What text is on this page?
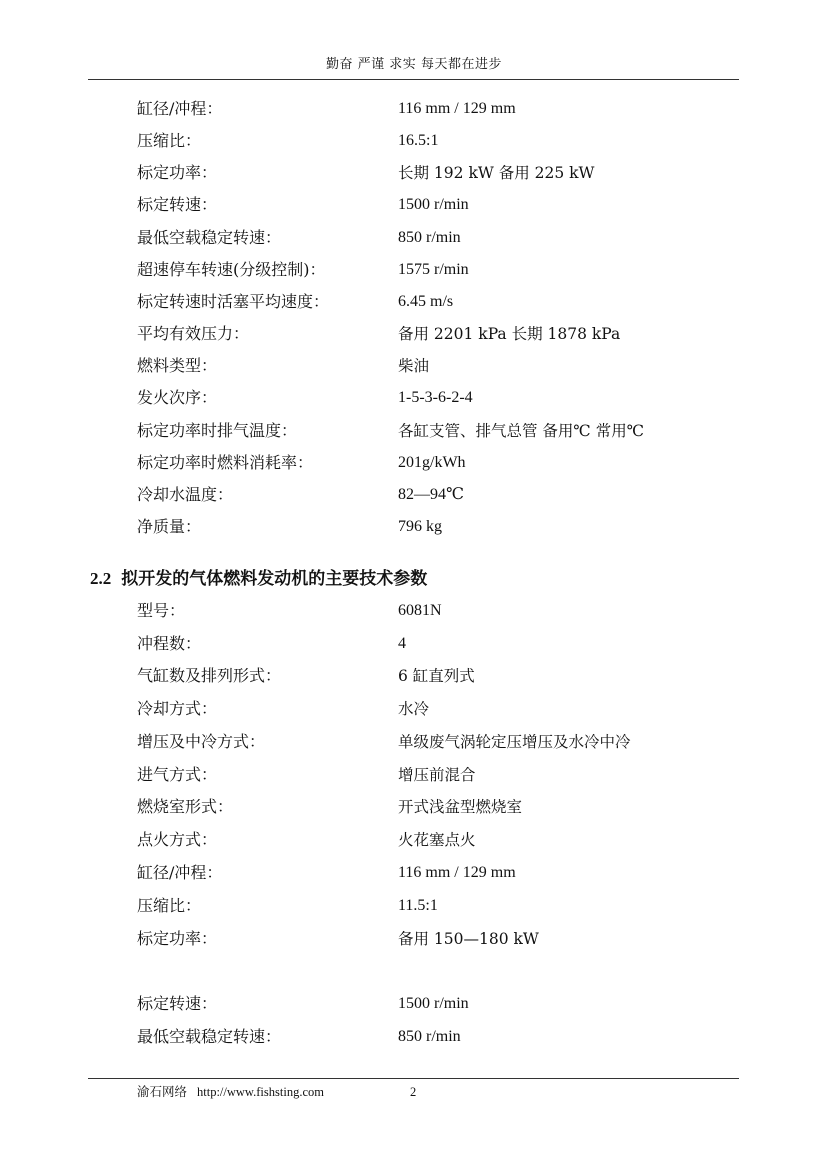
勤奋 严谨 求实 每天都在进步
缸径/冲程：	116 mm / 129 mm
压缩比：	16.5:1
标定功率：	长期 192 kW 备用 225 kW
标定转速：	1500 r/min
最低空载稳定转速：	850 r/min
超速停车转速(分级控制)：	1575 r/min
标定转速时活塞平均速度：	6.45 m/s
平均有效压力：	备用 2201 kPa 长期 1878 kPa
燃料类型：	柴油
发火次序：	1-5-3-6-2-4
标定功率时排气温度：	各缸支管、排气总管 备用℃ 常用℃
标定功率时燃料消耗率：	201g/kWh
冷却水温度：	82—94℃
净质量：	796 kg
2.2 拟开发的气体燃料发动机的主要技术参数
型号：	6081N
冲程数：	4
气缸数及排列形式：	6 缸直列式
冷却方式：	水冷
增压及中冷方式：	单级废气涡轮定压增压及水冷中冷
进气方式：	增压前混合
燃烧室形式：	开式浅盆型燃烧室
点火方式：	火花塞点火
缸径/冲程：	116 mm / 129 mm
压缩比：	11.5:1
标定功率：	备用 150—180 kW
标定转速：	1500 r/min
最低空载稳定转速：	850 r/min
渝石网络 http://www.fishsting.com	2
